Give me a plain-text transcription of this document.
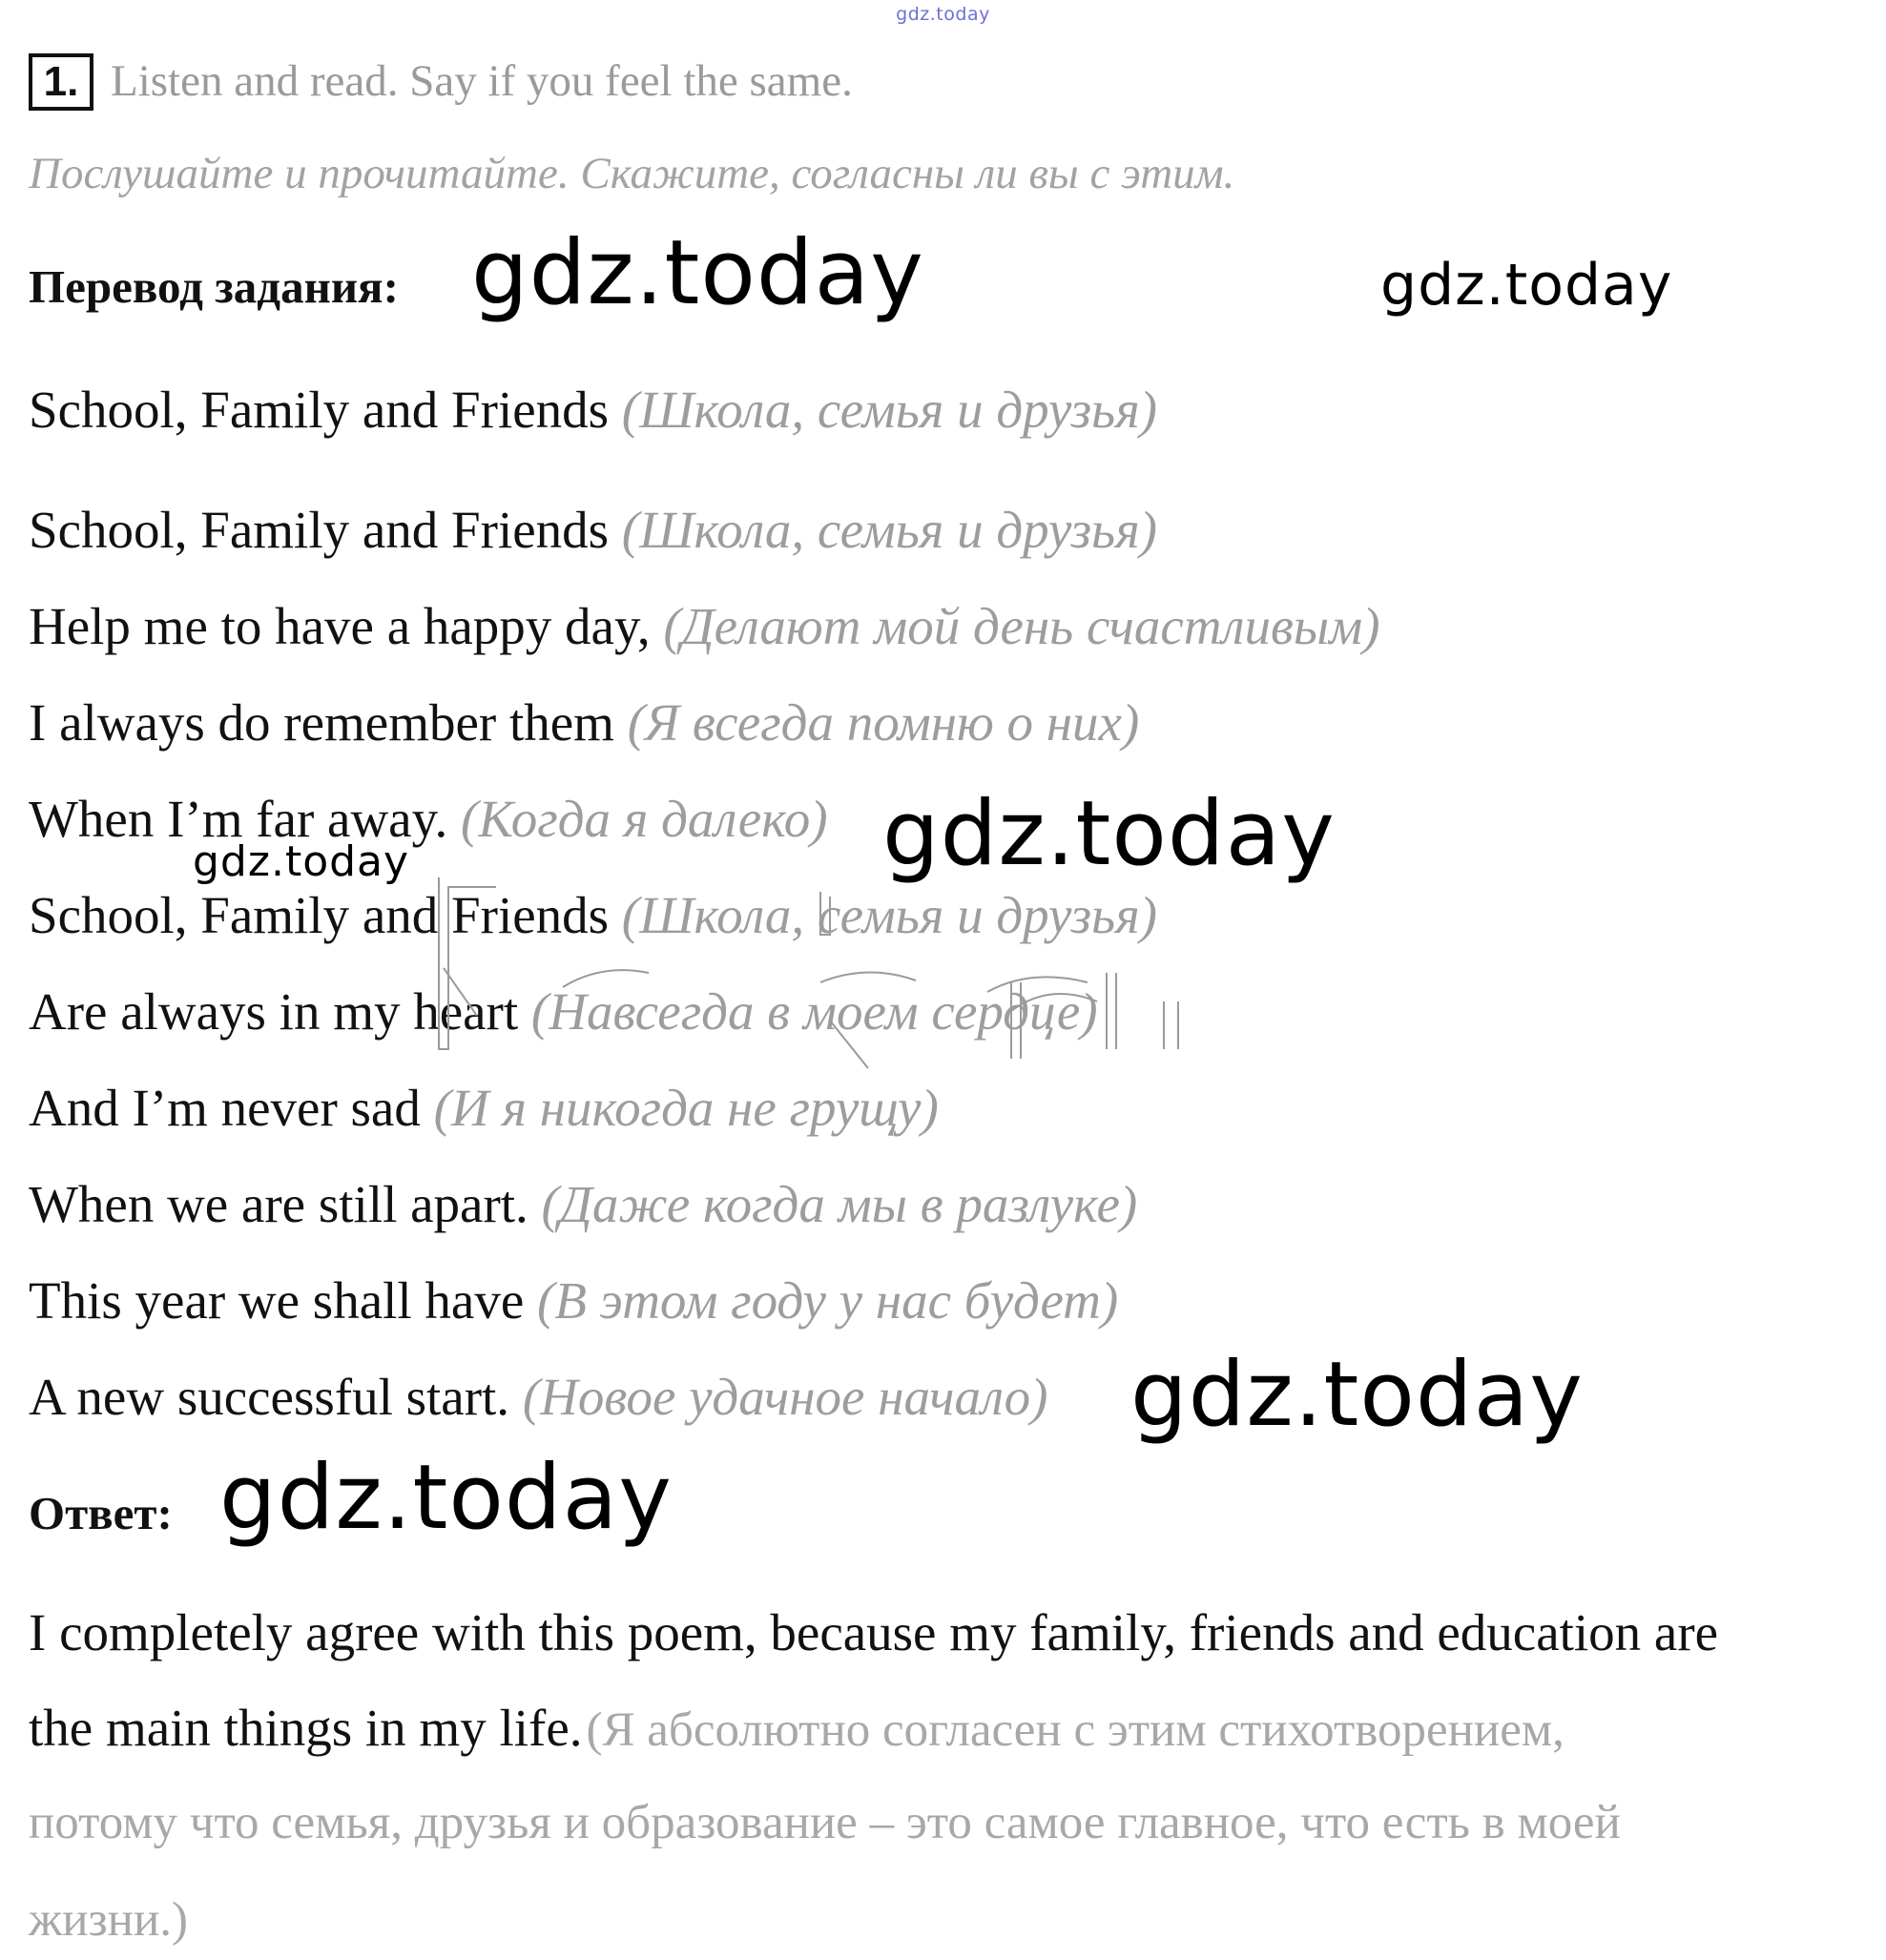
gdz.today
1. Listen and read. Say if you feel the same.
Послушайте и прочитайте. Скажите, согласны ли вы с этим.
Перевод задания: gdz.today	gdz.today
School, Family and Friends (Школа, семья и друзья)
School, Family and Friends (Школа, семья и друзья)
Help me to have a happy day, (Делают мой день счастливым)
I always do remember them (Я всегда помню о них)
When I’m far away. (Когда я далеко)
School, Family and Friends (Школа, семья и друзья)
Are always in my heart (Навсегда в моем сердце)
And I’m never sad (И я никогда не грущу)
When we are still apart. (Даже когда мы в разлуке)
This year we shall have (В этом году у нас будет)
A new successful start. (Новое удачное начало)
gdz.today
gdz.today
gdz.today
Ответ: gdz.today
I completely agree with this poem, because my family, friends and education are
the main things in my life. (Я абсолютно согласен с этим стихотворением,
потому что семья, друзья и образование – это самое главное, что есть в моей
жизни.)
